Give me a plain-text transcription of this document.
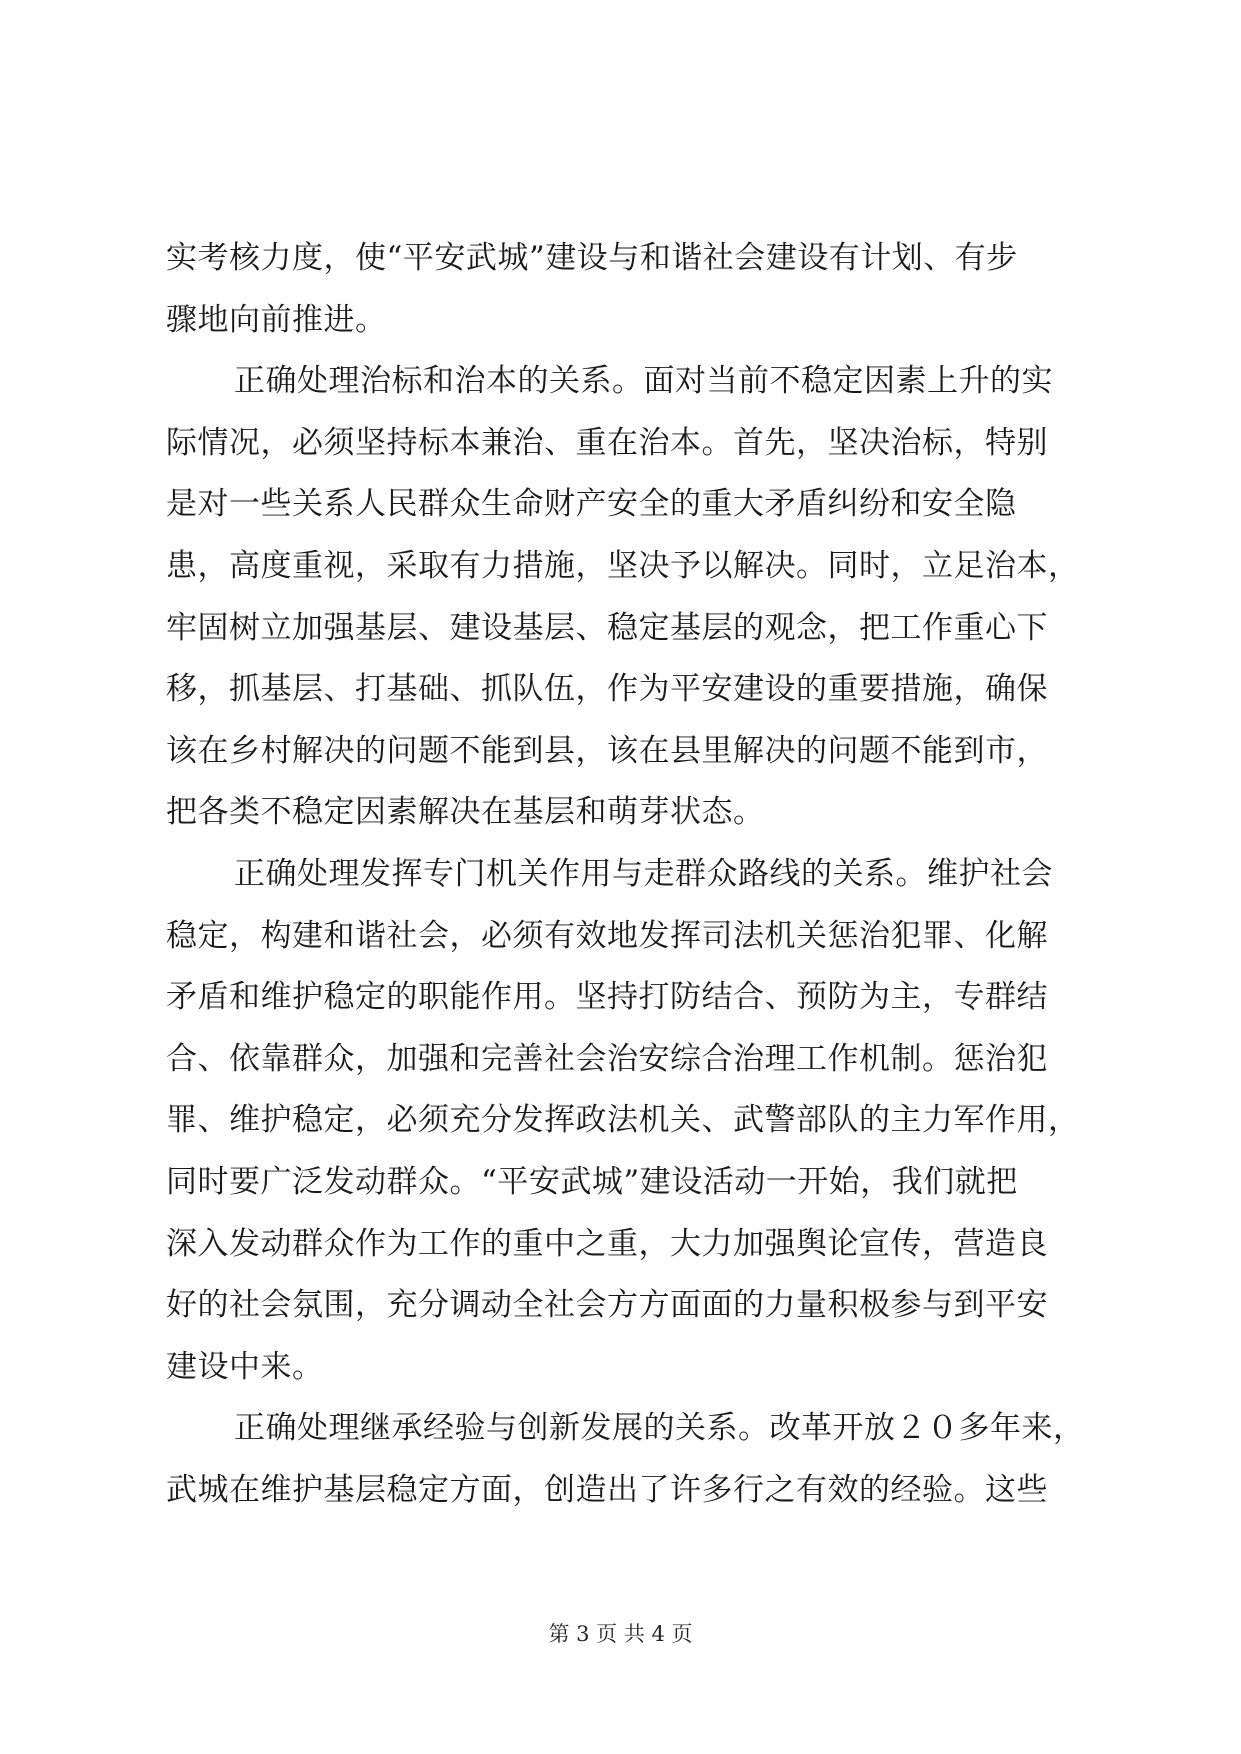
实考核力度，使“平安武城”建设与和谐社会建设有计划、有步
骤地向前推进。
正确处理治标和治本的关系。面对当前不稳定因素上升的实
际情况，必须坚持标本兼治、重在治本。首先，坚决治标，特别
是对一些关系人民群众生命财产安全的重大矛盾纠纷和安全隐
患，高度重视，采取有力措施，坚决予以解决。同时，立足治本，
牢固树立加强基层、建设基层、稳定基层的观念，把工作重心下
移，抓基层、打基础、抓队伍，作为平安建设的重要措施，确保
该在乡村解决的问题不能到县，该在县里解决的问题不能到市，
把各类不稳定因素解决在基层和萌芽状态。
正确处理发挥专门机关作用与走群众路线的关系。维护社会
稳定，构建和谐社会，必须有效地发挥司法机关惩治犯罪、化解
矛盾和维护稳定的职能作用。坚持打防结合、预防为主，专群结
合、依靠群众，加强和完善社会治安综合治理工作机制。惩治犯
罪、维护稳定，必须充分发挥政法机关、武警部队的主力军作用，
同时要广泛发动群众。“平安武城”建设活动一开始，我们就把
深入发动群众作为工作的重中之重，大力加强舆论宣传，营造良
好的社会氛围，充分调动全社会方方面面的力量积极参与到平安
建设中来。
正确处理继承经验与创新发展的关系。改革开放２０多年来，
武城在维护基层稳定方面，创造出了许多行之有效的经验。这些
第 3 页 共 4 页
